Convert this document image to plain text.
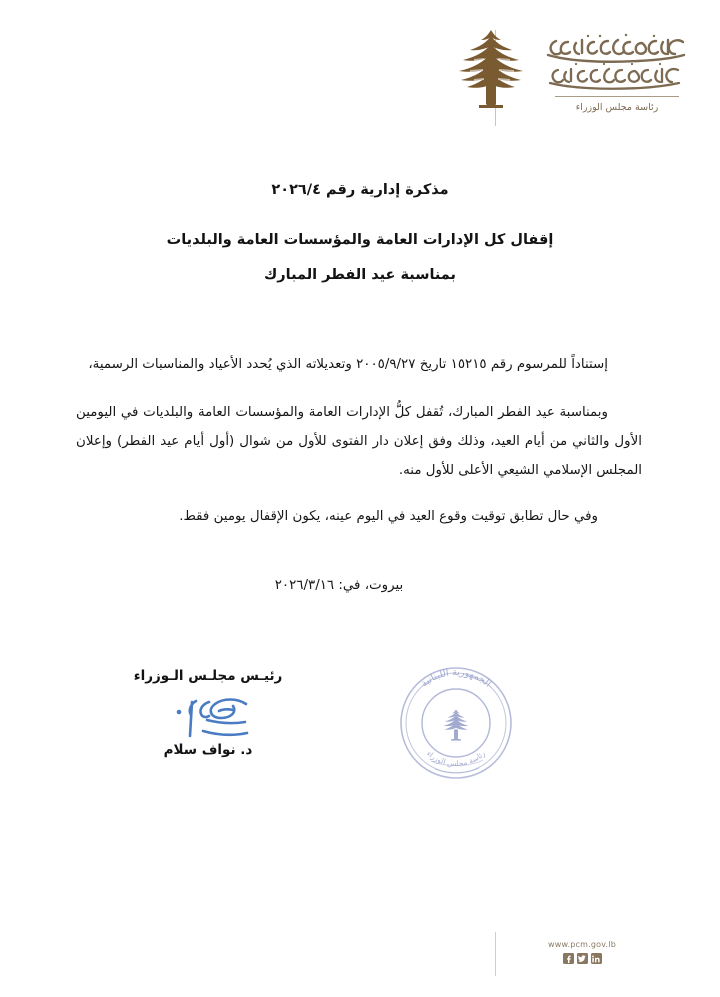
رئاسة مجلس الوزراء

مذكرة إدارية رقم ٢٠٢٦/٤

إقفال كل الإدارات العامة والمؤسسات العامة والبلديات

بمناسبة عيد الفطر المبارك

إستناداً للمرسوم رقم ١٥٢١٥ تاريخ ٢٠٠٥/٩/٢٧ وتعديلاته الذي يُحدد الأعياد والمناسبات الرسمية،

وبمناسبة عيد الفطر المبارك، تُقفل كلُّ الإدارات العامة والمؤسسات العامة والبلديات في اليومين الأول والثاني من أيام العيد، وذلك وفق إعلان دار الفتوى للأول من شوال (أول أيام عيد الفطر) وإعلان المجلس الإسلامي الشيعي الأعلى للأول منه.

وفي حال تطابق توقيت وقوع العيد في اليوم عينه، يكون الإقفال يومين فقط.

بيروت، في: ٢٠٢٦/٣/١٦
رئيـس مجلـس الـوزراء
د. نواف سلام
الجمهورية اللبنانية
رئاسة مجلس الوزراء
www.pcm.gov.lb
